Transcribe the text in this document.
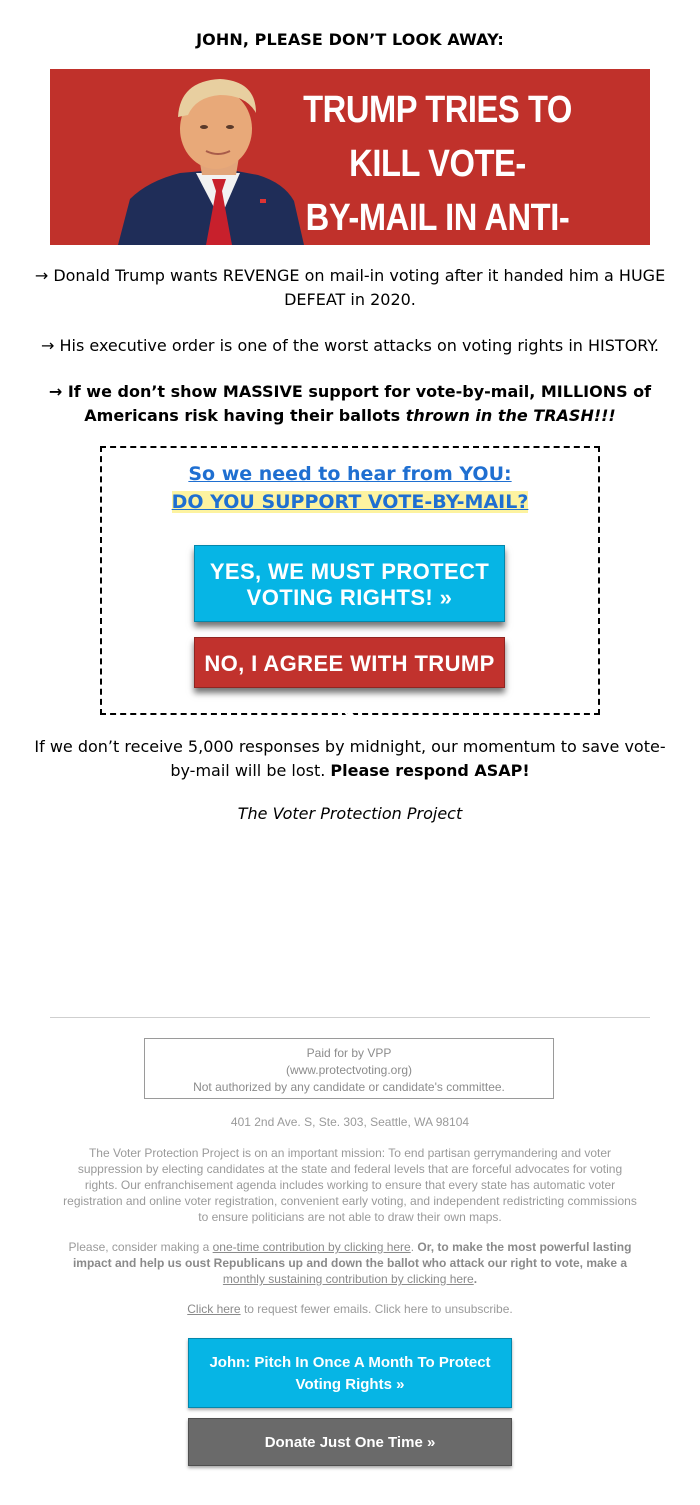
JOHN, PLEASE DON’T LOOK AWAY:
TRUMP TRIES TO KILL VOTE-
BY-MAIL IN ANTI-
→ Donald Trump wants REVENGE on mail-in voting after it handed him a HUGE DEFEAT in 2020.
→ His executive order is one of the worst attacks on voting rights in HISTORY.
→ If we don’t show MASSIVE support for vote-by-mail, MILLIONS of Americans risk having their ballots thrown in the TRASH!!!
So we need to hear from YOU:
DO YOU SUPPORT VOTE-BY-MAIL?
YES, WE MUST PROTECT
VOTING RIGHTS! »
NO, I AGREE WITH TRUMP »
If we don’t receive 5,000 responses by midnight, our momentum to save vote-by-mail will be lost. Please respond ASAP!
The Voter Protection Project
Paid for by VPP
(www.protectvoting.org)
Not authorized by any candidate or candidate's committee.
401 2nd Ave. S, Ste. 303, Seattle, WA 98104
The Voter Protection Project is on an important mission: To end partisan gerrymandering and voter suppression by electing candidates at the state and federal levels that are forceful advocates for voting rights. Our enfranchisement agenda includes working to ensure that every state has automatic voter registration and online voter registration, convenient early voting, and independent redistricting commissions to ensure politicians are not able to draw their own maps.
Please, consider making a one-time contribution by clicking here. Or, to make the most powerful lasting impact and help us oust Republicans up and down the ballot who attack our right to vote, make a monthly sustaining contribution by clicking here.
Click here to request fewer emails. Click here to unsubscribe.
John: Pitch In Once A Month To Protect
Voting Rights »
Donate Just One Time »
